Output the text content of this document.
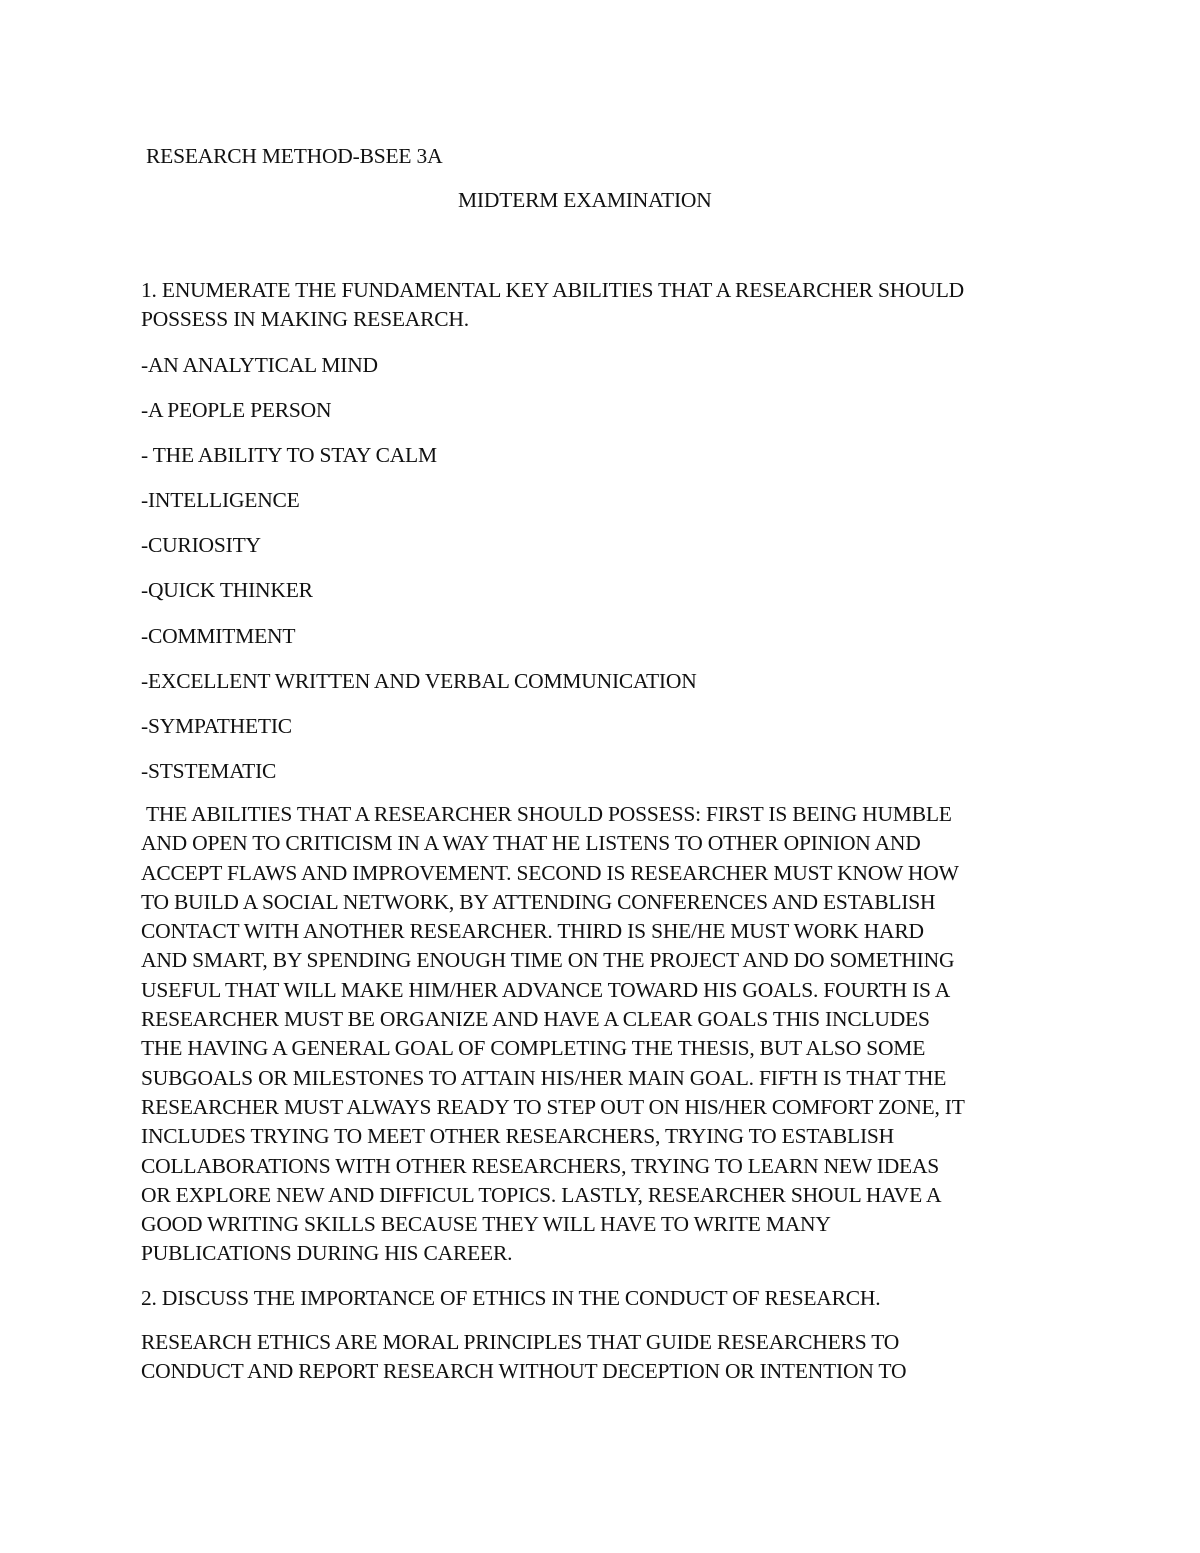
RESEARCH METHOD-BSEE 3A
MIDTERM EXAMINATION
1. ENUMERATE THE FUNDAMENTAL KEY ABILITIES THAT A RESEARCHER SHOULD
POSSESS IN MAKING RESEARCH.
-AN ANALYTICAL MIND
-A PEOPLE PERSON
- THE ABILITY TO STAY CALM
-INTELLIGENCE
-CURIOSITY
-QUICK THINKER
-COMMITMENT
-EXCELLENT WRITTEN AND VERBAL COMMUNICATION
-SYMPATHETIC
-STSTEMATIC
THE ABILITIES THAT A RESEARCHER SHOULD POSSESS: FIRST IS BEING HUMBLE
AND OPEN TO CRITICISM IN A WAY THAT HE LISTENS TO OTHER OPINION AND
ACCEPT FLAWS AND IMPROVEMENT. SECOND IS RESEARCHER MUST KNOW HOW
TO BUILD A SOCIAL NETWORK, BY ATTENDING CONFERENCES AND ESTABLISH
CONTACT WITH ANOTHER RESEARCHER. THIRD IS SHE/HE MUST WORK HARD
AND SMART, BY SPENDING ENOUGH TIME ON THE PROJECT AND DO SOMETHING
USEFUL THAT WILL MAKE HIM/HER ADVANCE TOWARD HIS GOALS. FOURTH IS A
RESEARCHER MUST BE ORGANIZE AND HAVE A CLEAR GOALS THIS INCLUDES
THE HAVING A GENERAL GOAL OF COMPLETING THE THESIS, BUT ALSO SOME
SUBGOALS OR MILESTONES TO ATTAIN HIS/HER MAIN GOAL. FIFTH IS THAT THE
RESEARCHER MUST ALWAYS READY TO STEP OUT ON HIS/HER COMFORT ZONE, IT
INCLUDES TRYING TO MEET OTHER RESEARCHERS, TRYING TO ESTABLISH
COLLABORATIONS WITH OTHER RESEARCHERS, TRYING TO LEARN NEW IDEAS
OR EXPLORE NEW AND DIFFICUL TOPICS. LASTLY, RESEARCHER SHOUL HAVE A
GOOD WRITING SKILLS BECAUSE THEY WILL HAVE TO WRITE MANY
PUBLICATIONS DURING HIS CAREER.
2. DISCUSS THE IMPORTANCE OF ETHICS IN THE CONDUCT OF RESEARCH.
RESEARCH ETHICS ARE MORAL PRINCIPLES THAT GUIDE RESEARCHERS TO
CONDUCT AND REPORT RESEARCH WITHOUT DECEPTION OR INTENTION TO
